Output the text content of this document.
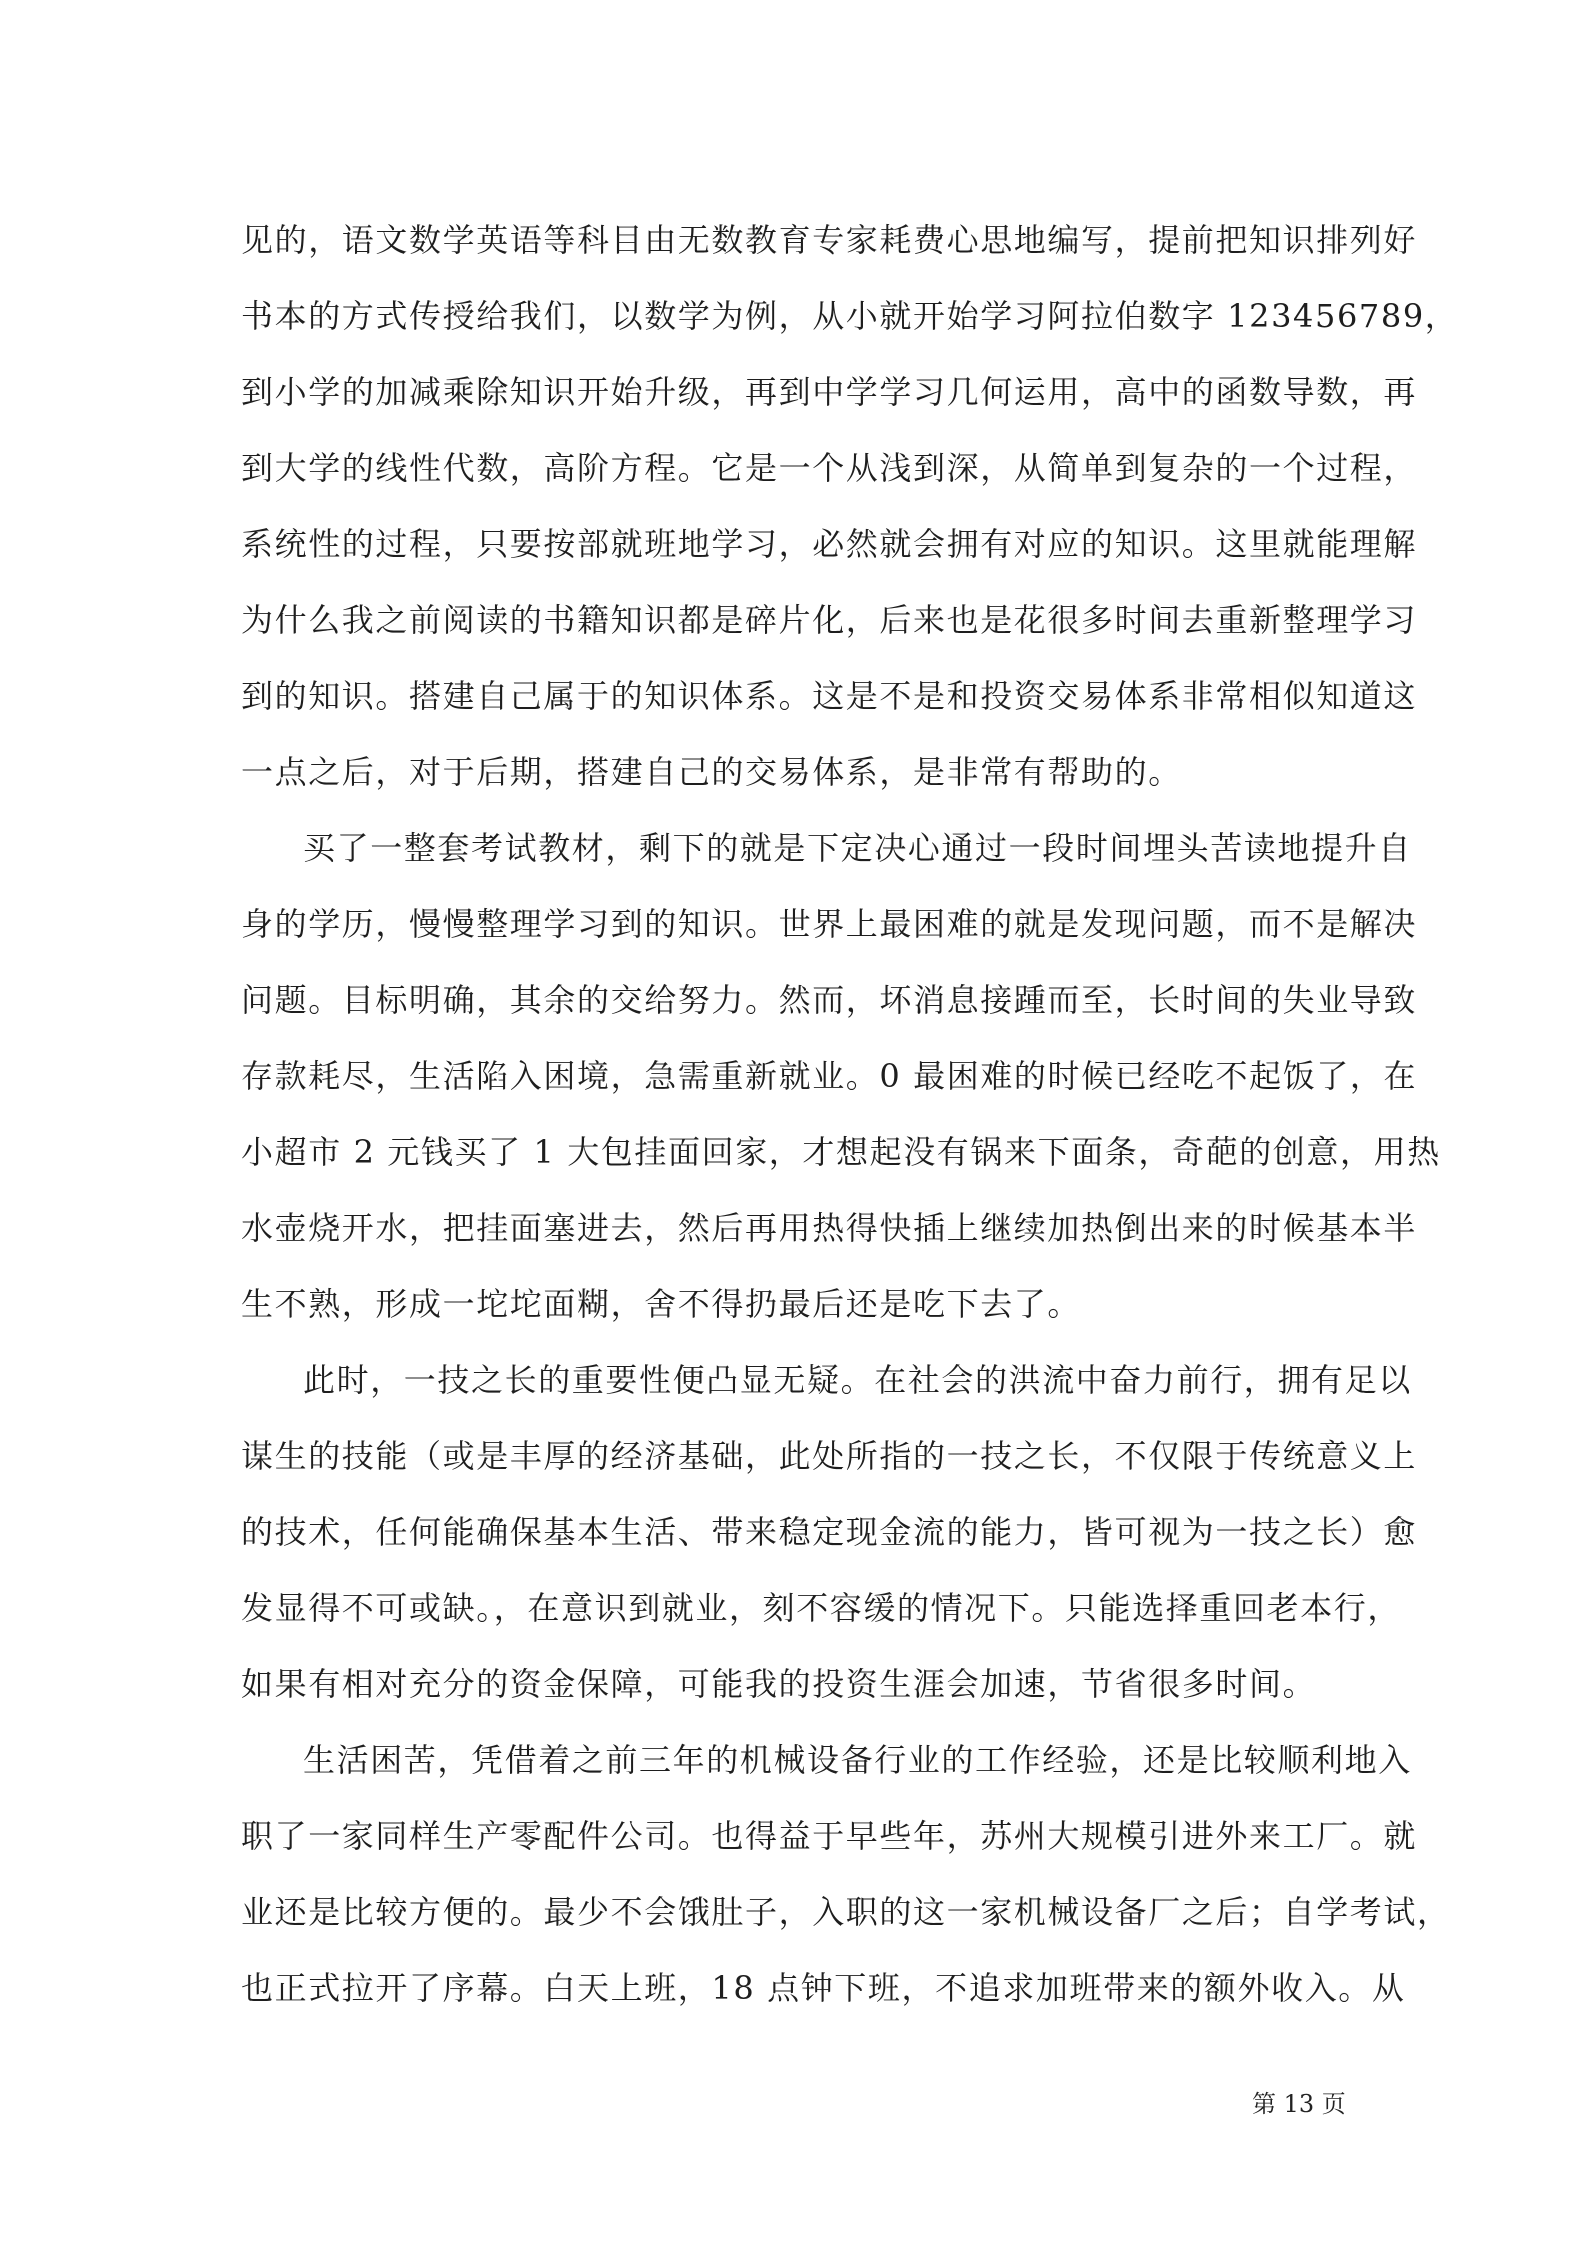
见的，语文数学英语等科目由无数教育专家耗费心思地编写，提前把知识排列好
书本的方式传授给我们，以数学为例，从小就开始学习阿拉伯数字 123456789，
到小学的加减乘除知识开始升级，再到中学学习几何运用，高中的函数导数，再
到大学的线性代数，高阶方程。它是一个从浅到深，从简单到复杂的一个过程，
系统性的过程，只要按部就班地学习，必然就会拥有对应的知识。这里就能理解
为什么我之前阅读的书籍知识都是碎片化，后来也是花很多时间去重新整理学习
到的知识。搭建自己属于的知识体系。这是不是和投资交易体系非常相似知道这
一点之后，对于后期，搭建自己的交易体系，是非常有帮助的。
买了一整套考试教材，剩下的就是下定决心通过一段时间埋头苦读地提升自
身的学历，慢慢整理学习到的知识。世界上最困难的就是发现问题，而不是解决
问题。目标明确，其余的交给努力。然而，坏消息接踵而至，长时间的失业导致
存款耗尽，生活陷入困境，急需重新就业。0 最困难的时候已经吃不起饭了，在
小超市 2 元钱买了 1 大包挂面回家，才想起没有锅来下面条，奇葩的创意，用热
水壶烧开水，把挂面塞进去，然后再用热得快插上继续加热倒出来的时候基本半
生不熟，形成一坨坨面糊，舍不得扔最后还是吃下去了。
此时，一技之长的重要性便凸显无疑。在社会的洪流中奋力前行，拥有足以
谋生的技能（或是丰厚的经济基础，此处所指的一技之长，不仅限于传统意义上
的技术，任何能确保基本生活、带来稳定现金流的能力，皆可视为一技之长）愈
发显得不可或缺。，在意识到就业，刻不容缓的情况下。只能选择重回老本行，
如果有相对充分的资金保障，可能我的投资生涯会加速，节省很多时间。
生活困苦，凭借着之前三年的机械设备行业的工作经验，还是比较顺利地入
职了一家同样生产零配件公司。也得益于早些年，苏州大规模引进外来工厂。就
业还是比较方便的。最少不会饿肚子，入职的这一家机械设备厂之后；自学考试，
也正式拉开了序幕。白天上班，18 点钟下班，不追求加班带来的额外收入。从
第 13 页
